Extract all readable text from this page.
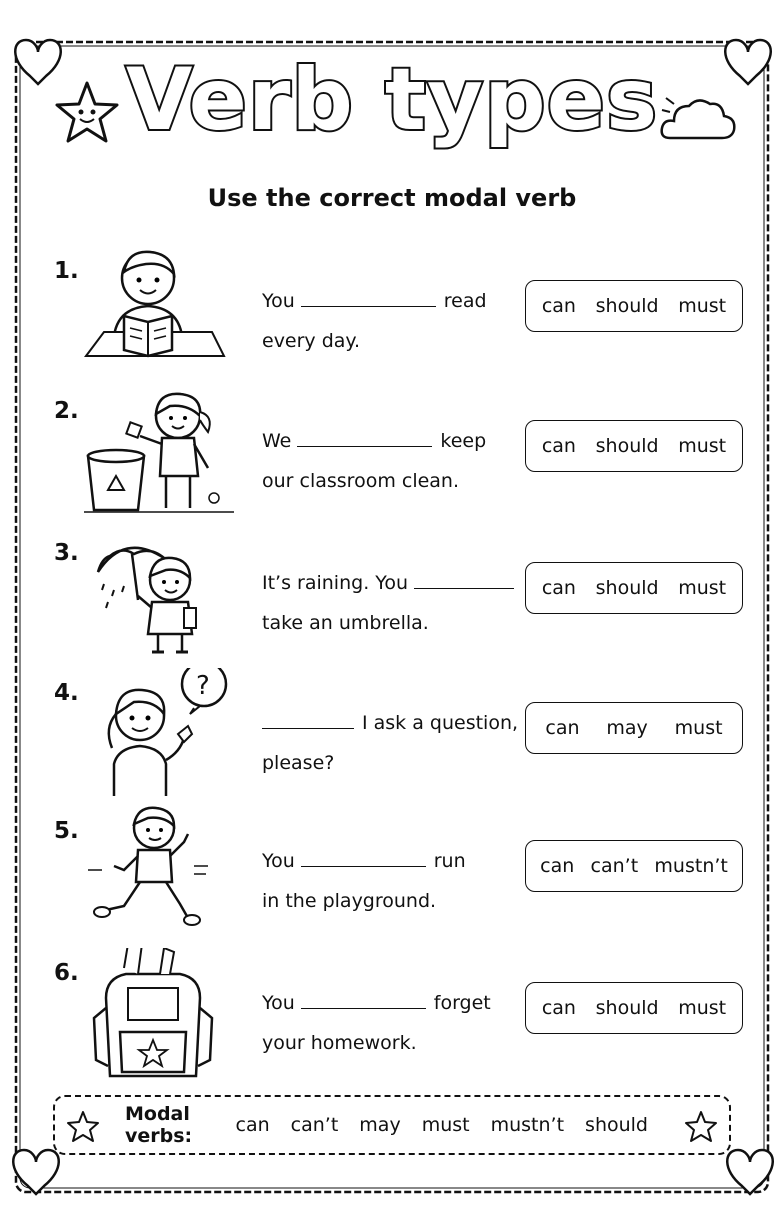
Verb types
Use the correct modal verb
1.
You	read
every day.
can should must
2.
We	keep
our classroom clean.
can should must
3.
It’s raining. You
take an umbrella.
can should must
4.	?
I ask a question,
please?
can may must
5.
You	run
in the playground.
can can’t mustn’t
6.
You	forget
your homework.
can should must
Modal verbs:	can can’t may must mustn’t should
